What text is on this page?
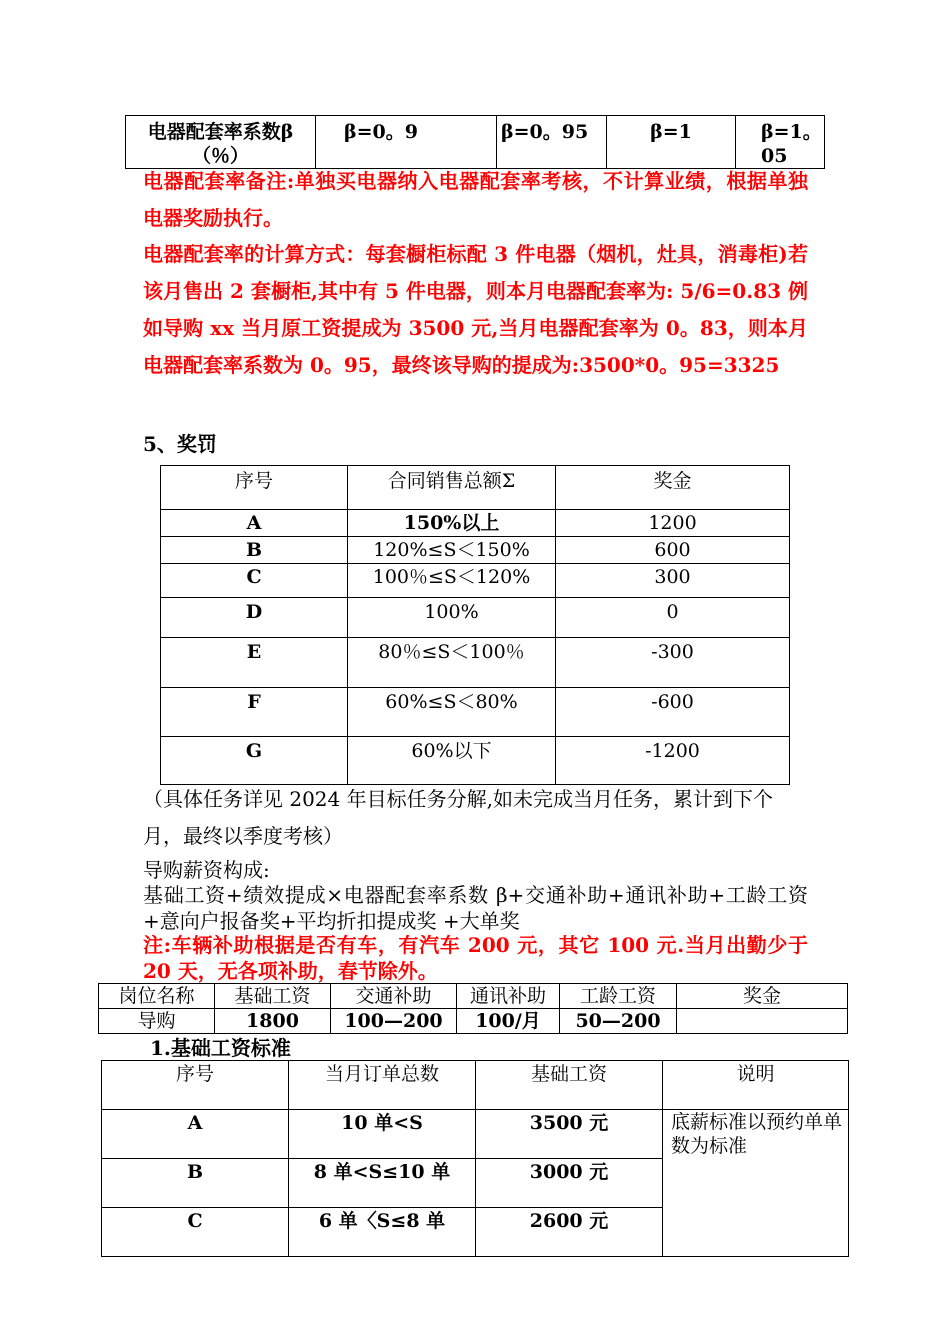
电器配套率系数β（％）	β=0。9	β=0。95	β=1	β=1。05
电器配套率备注:单独买电器纳入电器配套率考核，不计算业绩，根据单独电器奖励执行。
电器配套率的计算方式：每套橱柜标配 3 件电器（烟机，灶具，消毒柜)若该月售出 2 套橱柜,其中有 5 件电器，则本月电器配套率为: 5/6=0.83 例如导购 xx 当月原工资提成为 3500 元,当月电器配套率为 0。83，则本月电器配套率系数为 0。95，最终该导购的提成为:3500*0。95=3325
5、奖罚
序号	合同销售总额Σ	奖金
A	150%以上	1200
B	120%≤S＜150%	600
C	100％≤S＜120%	300
D	100%	0
E	80％≤S＜100％	-300
F	60%≤S＜80%	-600
G	60%以下	-1200
（具体任务详见 2024 年目标任务分解,如未完成当月任务，累计到下个月，最终以季度考核）
导购薪资构成:
基础工资+绩效提成×电器配套率系数 β+交通补助+通讯补助+工龄工资+意向户报备奖+平均折扣提成奖 +大单奖
注:车辆补助根据是否有车，有汽车 200 元，其它 100 元.当月出勤少于 20 天，无各项补助，春节除外。
岗位名称	基础工资	交通补助	通讯补助	工龄工资	奖金
导购	1800	100—200	100/月	50—200	
1.基础工资标准
序号	当月订单总数	基础工资	说明
A	10 单<S	3500 元	底薪标准以预约单单数为标准
B	8 单<S≤10 单	3000 元	
C	6 单〈S≤8 单	2600 元	
